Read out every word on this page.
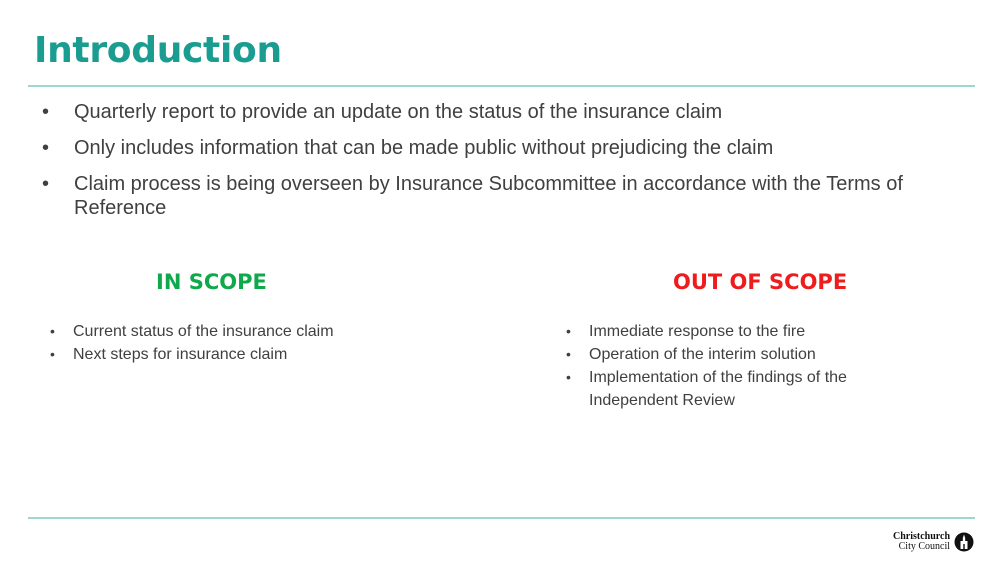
Introduction
• Quarterly report to provide an update on the status of the insurance claim
• Only includes information that can be made public without prejudicing the claim
• Claim process is being overseen by Insurance Subcommittee in accordance with the Terms of Reference
IN SCOPE	OUT OF SCOPE
• Current status of the insurance claim
• Next steps for insurance claim
• Immediate response to the fire
• Operation of the interim solution
• Implementation of the findings of the Independent Review
Christchurch
City Council
